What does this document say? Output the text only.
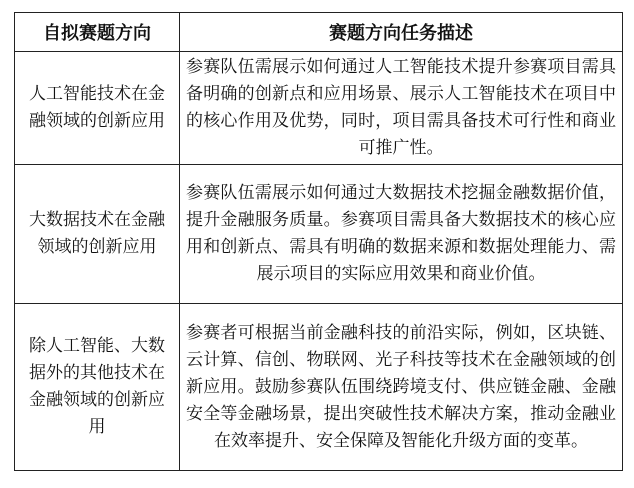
自拟赛题方向	赛题方向任务描述
人工智能技术在金融领域的创新应用	参赛队伍需展示如何通过人工智能技术提升参赛项目需具备明确的创新点和应用场景、展示人工智能技术在项目中的核心作用及优势，同时，项目需具备技术可行性和商业可推广性。
大数据技术在金融领域的创新应用	参赛队伍需展示如何通过大数据技术挖掘金融数据价值，提升金融服务质量。参赛项目需具备大数据技术的核心应用和创新点、需具有明确的数据来源和数据处理能力、需展示项目的实际应用效果和商业价值。
除人工智能、大数据外的其他技术在金融领域的创新应用	参赛者可根据当前金融科技的前沿实际，例如，区块链、云计算、信创、物联网、光子科技等技术在金融领域的创新应用。鼓励参赛队伍围绕跨境支付、供应链金融、金融安全等金融场景，提出突破性技术解决方案，推动金融业在效率提升、安全保障及智能化升级方面的变革。
